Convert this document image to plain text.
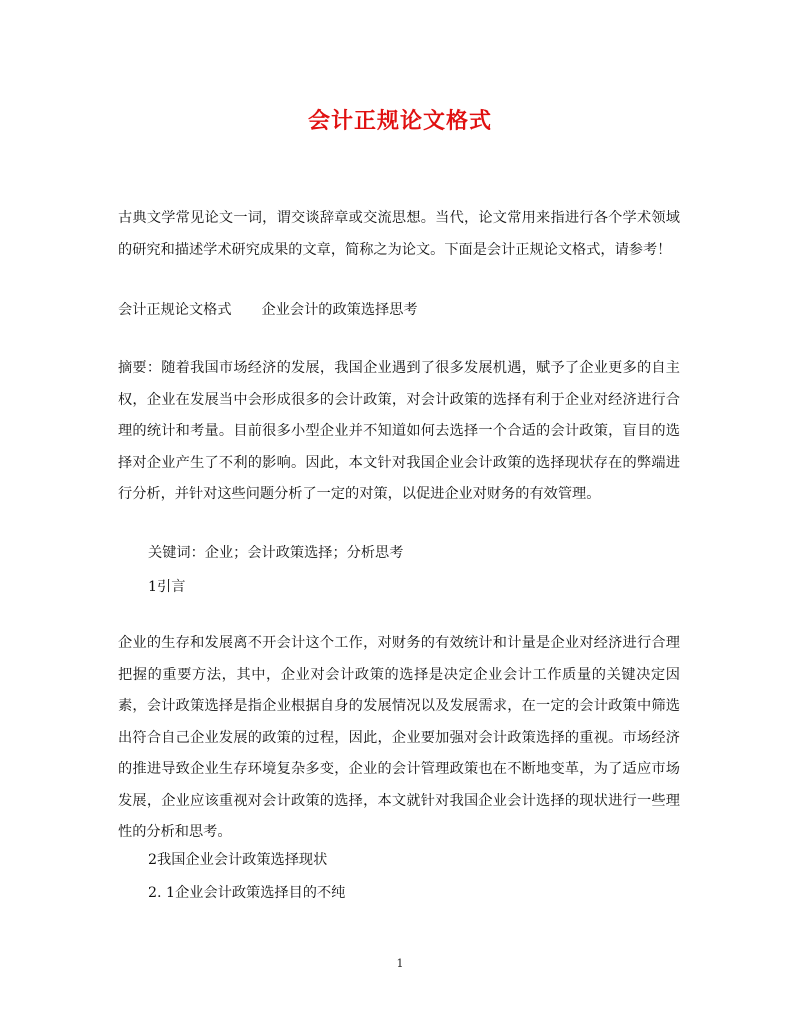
会计正规论文格式

古典文学常见论文一词，谓交谈辞章或交流思想。当代，论文常用来指进行各个学术领域的研究和描述学术研究成果的文章，简称之为论文。下面是会计正规论文格式，请参考！

会计正规论文格式 企业会计的政策选择思考

摘要：随着我国市场经济的发展，我国企业遇到了很多发展机遇，赋予了企业更多的自主权，企业在发展当中会形成很多的会计政策，对会计政策的选择有利于企业对经济进行合理的统计和考量。目前很多小型企业并不知道如何去选择一个合适的会计政策，盲目的选择对企业产生了不利的影响。因此，本文针对我国企业会计政策的选择现状存在的弊端进行分析，并针对这些问题分析了一定的对策，以促进企业对财务的有效管理。

关键词：企业；会计政策选择；分析思考

1引言

企业的生存和发展离不开会计这个工作，对财务的有效统计和计量是企业对经济进行合理把握的重要方法，其中，企业对会计政策的选择是决定企业会计工作质量的关键决定因素，会计政策选择是指企业根据自身的发展情况以及发展需求，在一定的会计政策中筛选出符合自己企业发展的政策的过程，因此，企业要加强对会计政策选择的重视。市场经济的推进导致企业生存环境复杂多变，企业的会计管理政策也在不断地变革，为了适应市场发展，企业应该重视对会计政策的选择，本文就针对我国企业会计选择的现状进行一些理性的分析和思考。

2我国企业会计政策选择现状

2. 1企业会计政策选择目的不纯

1
